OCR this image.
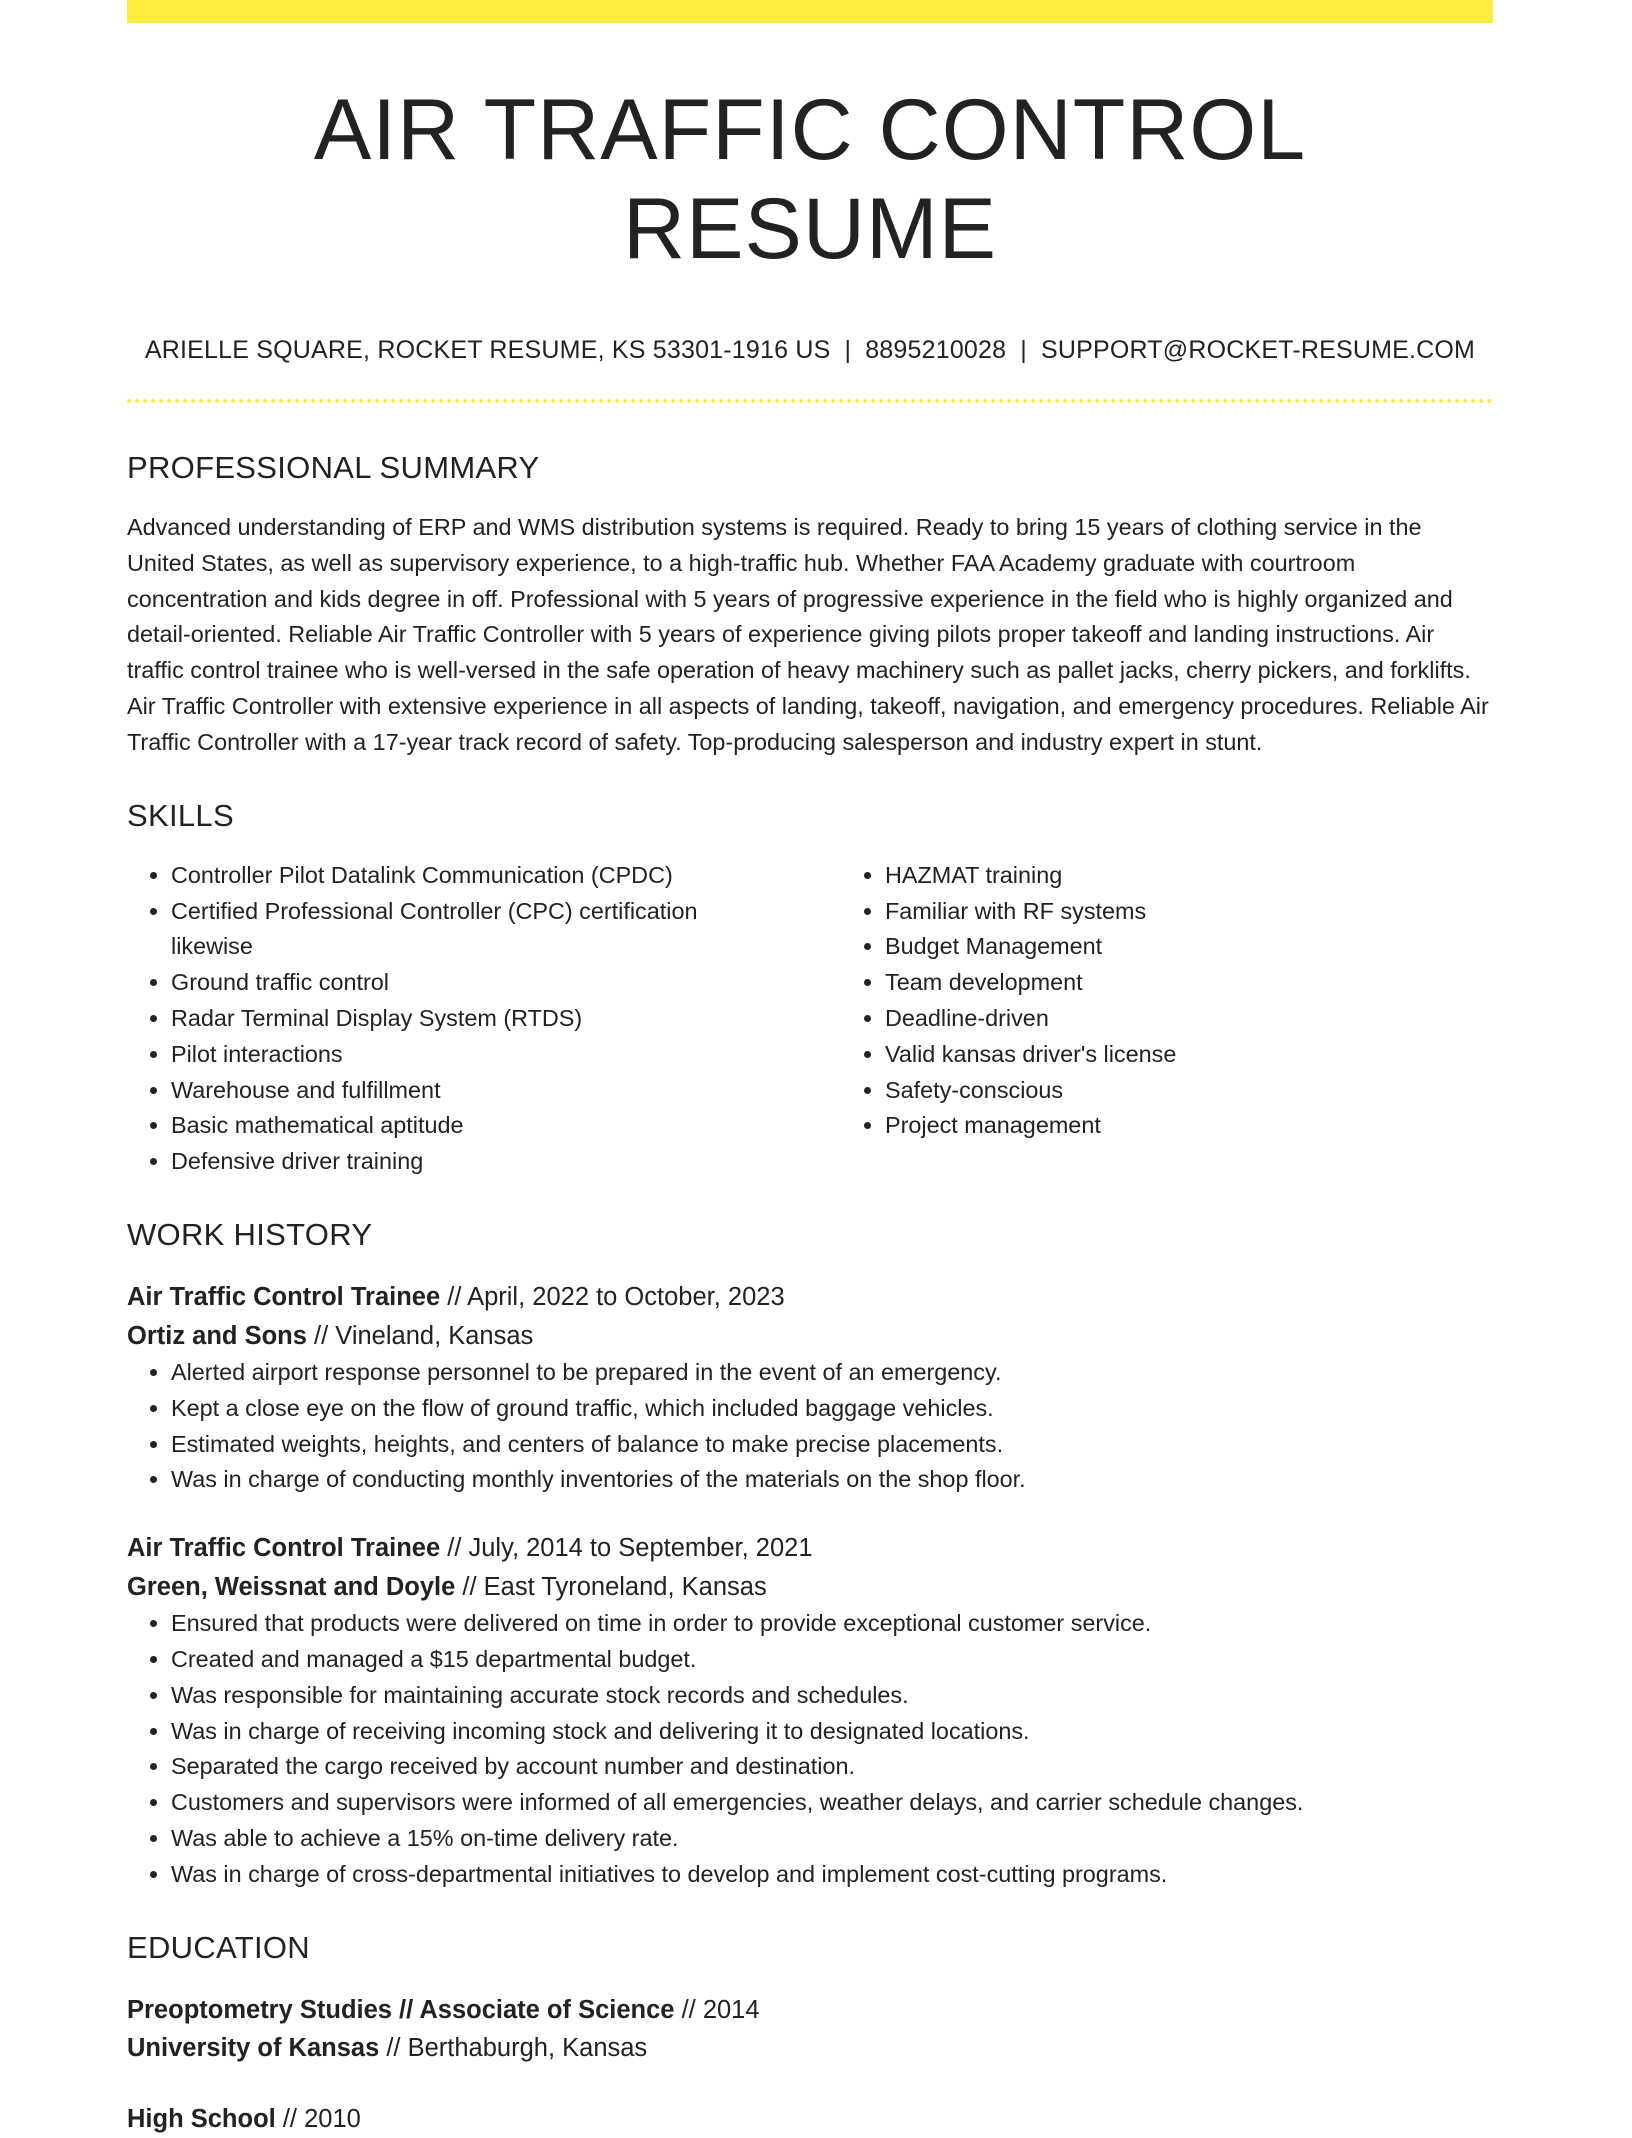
AIR TRAFFIC CONTROL RESUME
ARIELLE SQUARE, ROCKET RESUME, KS 53301-1916 US | 8895210028 | SUPPORT@ROCKET-RESUME.COM
PROFESSIONAL SUMMARY

Advanced understanding of ERP and WMS distribution systems is required. Ready to bring 15 years of clothing service in the United States, as well as supervisory experience, to a high-traffic hub. Whether FAA Academy graduate with courtroom concentration and kids degree in off. Professional with 5 years of progressive experience in the field who is highly organized and detail-oriented. Reliable Air Traffic Controller with 5 years of experience giving pilots proper takeoff and landing instructions. Air traffic control trainee who is well-versed in the safe operation of heavy machinery such as pallet jacks, cherry pickers, and forklifts. Air Traffic Controller with extensive experience in all aspects of landing, takeoff, navigation, and emergency procedures. Reliable Air Traffic Controller with a 17-year track record of safety. Top-producing salesperson and industry expert in stunt.

SKILLS
• Controller Pilot Datalink Communication (CPDC)
• Certified Professional Controller (CPC) certification likewise
• Ground traffic control
• Radar Terminal Display System (RTDS)
• Pilot interactions
• Warehouse and fulfillment
• Basic mathematical aptitude
• Defensive driver training
• HAZMAT training
• Familiar with RF systems
• Budget Management
• Team development
• Deadline-driven
• Valid kansas driver's license
• Safety-conscious
• Project management
WORK HISTORY
Air Traffic Control Trainee // April, 2022 to October, 2023
Ortiz and Sons // Vineland, Kansas
• Alerted airport response personnel to be prepared in the event of an emergency.
• Kept a close eye on the flow of ground traffic, which included baggage vehicles.
• Estimated weights, heights, and centers of balance to make precise placements.
• Was in charge of conducting monthly inventories of the materials on the shop floor.
Air Traffic Control Trainee // July, 2014 to September, 2021
Green, Weissnat and Doyle // East Tyroneland, Kansas
• Ensured that products were delivered on time in order to provide exceptional customer service.
• Created and managed a $15 departmental budget.
• Was responsible for maintaining accurate stock records and schedules.
• Was in charge of receiving incoming stock and delivering it to designated locations.
• Separated the cargo received by account number and destination.
• Customers and supervisors were informed of all emergencies, weather delays, and carrier schedule changes.
• Was able to achieve a 15% on-time delivery rate.
• Was in charge of cross-departmental initiatives to develop and implement cost-cutting programs.
EDUCATION
Preoptometry Studies // Associate of Science // 2014
University of Kansas // Berthaburgh, Kansas
High School // 2010
